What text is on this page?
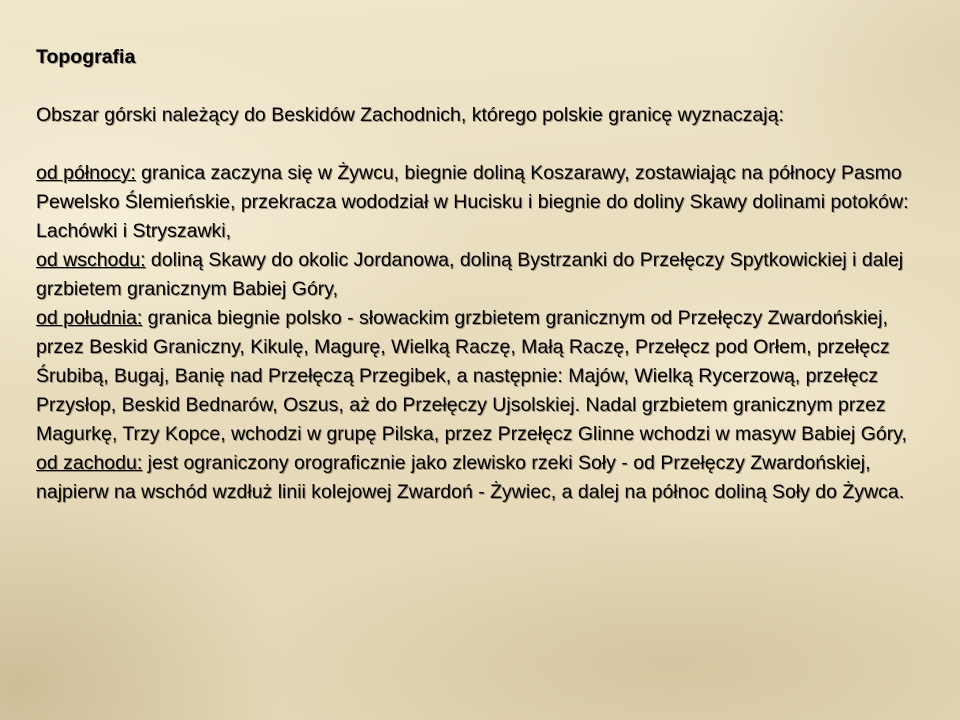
Topografia
Obszar górski należący do Beskidów Zachodnich, którego polskie granicę wyznaczają:
od północy: granica zaczyna się w Żywcu, biegnie doliną Koszarawy, zostawiając na północy Pasmo Pewelsko Ślemieńskie, przekracza wododział w Hucisku i biegnie do doliny Skawy dolinami potoków: Lachówki i Stryszawki,
od wschodu: doliną Skawy do okolic Jordanowa, doliną Bystrzanki do Przełęczy Spytkowickiej i dalej grzbietem granicznym Babiej Góry,
od południa: granica biegnie polsko - słowackim grzbietem granicznym od Przełęczy Zwardońskiej, przez Beskid Graniczny, Kikulę, Magurę, Wielką Raczę, Małą Raczę, Przełęcz pod Orłem, przełęcz Śrubibą, Bugaj, Banię nad Przełęczą Przegibek, a następnie: Majów, Wielką Rycerzową, przełęcz Przysłop, Beskid Bednarów, Oszus, aż do Przełęczy Ujsolskiej. Nadal grzbietem granicznym przez Magurkę, Trzy Kopce, wchodzi w grupę Pilska, przez Przełęcz Glinne wchodzi w masyw Babiej Góry,
od zachodu: jest ograniczony orograficznie jako zlewisko rzeki Soły - od Przełęczy Zwardońskiej, najpierw na wschód wzdłuż linii kolejowej Zwardoń - Żywiec, a dalej na północ doliną Soły do Żywca.
